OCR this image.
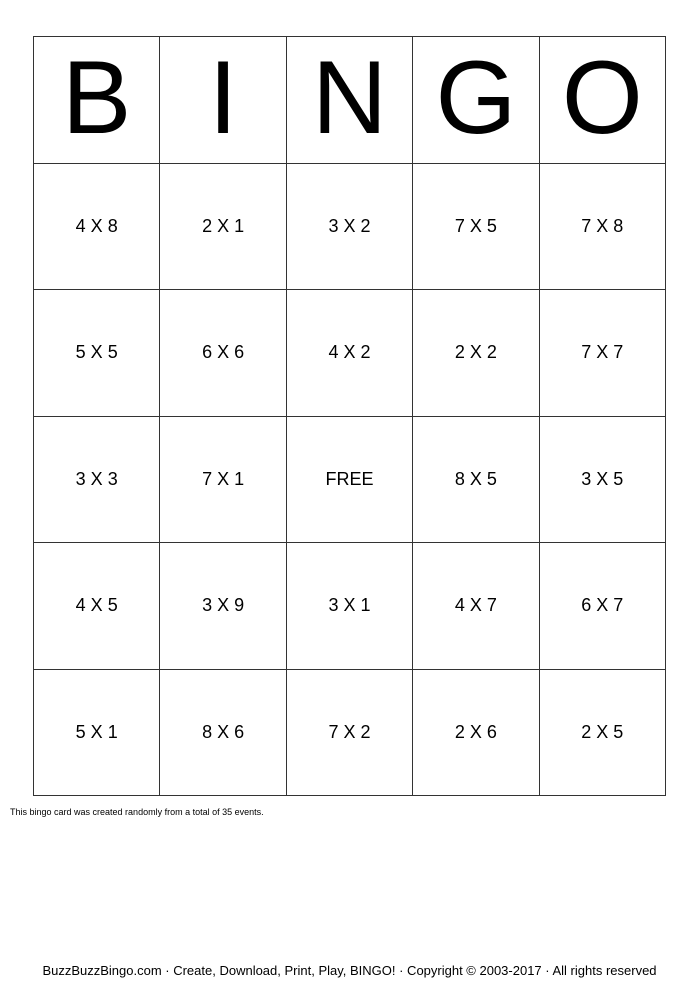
B I N G O
4 X 8	2 X 1	3 X 2	7 X 5	7 X 8
5 X 5	6 X 6	4 X 2	2 X 2	7 X 7
3 X 3	7 X 1	FREE	8 X 5	3 X 5
4 X 5	3 X 9	3 X 1	4 X 7	6 X 7
5 X 1	8 X 6	7 X 2	2 X 6	2 X 5
This bingo card was created randomly from a total of 35 events.
BuzzBuzzBingo.com · Create, Download, Print, Play, BINGO! · Copyright © 2003-2017 · All rights reserved
